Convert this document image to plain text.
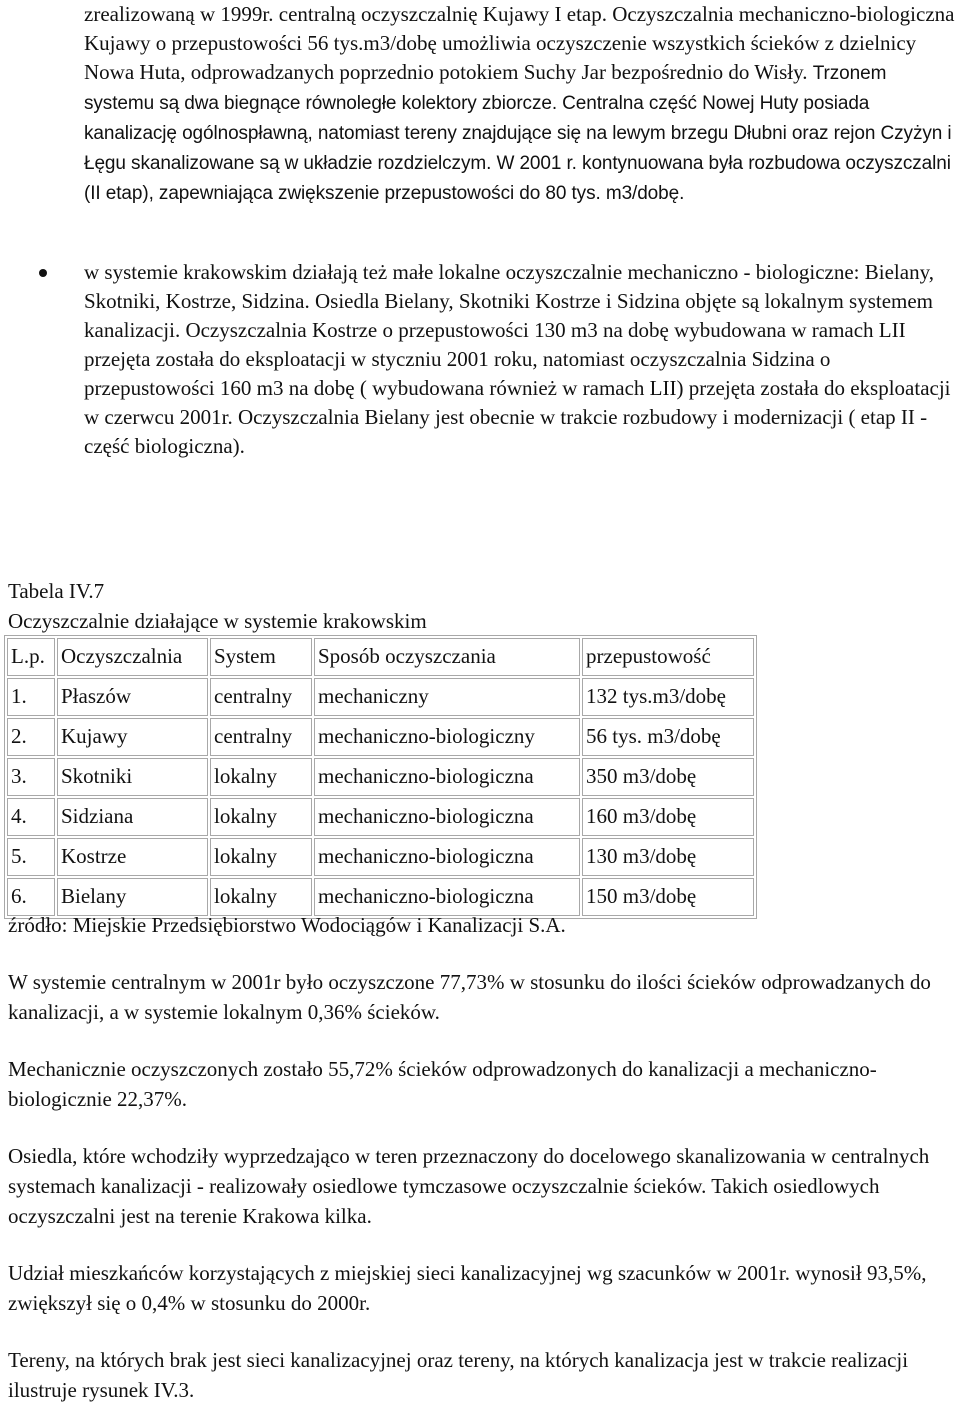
zrealizowaną w 1999r. centralną oczyszczalnię Kujawy I etap. Oczyszczalnia mechaniczno-biologiczna Kujawy o przepustowości 56 tys.m3/dobę umożliwia oczyszczenie wszystkich ścieków z dzielnicy Nowa Huta, odprowadzanych poprzednio potokiem Suchy Jar bezpośrednio do Wisły. Trzonem systemu są dwa biegnące równoległe kolektory zbiorcze. Centralna część Nowej Huty posiada kanalizację ogólnospławną, natomiast tereny znajdujące się na lewym brzegu Dłubni oraz rejon Czyżyn i Łęgu skanalizowane są w układzie rozdzielczym. W 2001 r. kontynuowana była rozbudowa oczyszczalni (II etap), zapewniająca zwiększenie przepustowości do 80 tys. m3/dobę.
w systemie krakowskim działają też małe lokalne oczyszczalnie mechaniczno - biologiczne: Bielany, Skotniki, Kostrze, Sidzina. Osiedla Bielany, Skotniki Kostrze i Sidzina objęte są lokalnym systemem kanalizacji. Oczyszczalnia Kostrze o przepustowości 130 m3 na dobę wybudowana w ramach LII przejęta została do eksploatacji w styczniu 2001 roku, natomiast oczyszczalnia Sidzina o przepustowości 160 m3 na dobę ( wybudowana również w ramach LII) przejęta została do eksploatacji w czerwcu 2001r. Oczyszczalnia Bielany jest obecnie w trakcie rozbudowy i modernizacji ( etap II - część biologiczna).
Tabela IV.7
Oczyszczalnie działające w systemie krakowskim
L.p.	Oczyszczalnia	System	Sposób oczyszczania	przepustowość
1.	Płaszów	centralny	mechaniczny	132 tys.m3/dobę
2.	Kujawy	centralny	mechaniczno-biologiczny	56 tys. m3/dobę
3.	Skotniki	lokalny	mechaniczno-biologiczna	350 m3/dobę
4.	Sidziana	lokalny	mechaniczno-biologiczna	160 m3/dobę
5.	Kostrze	lokalny	mechaniczno-biologiczna	130 m3/dobę
6.	Bielany	lokalny	mechaniczno-biologiczna	150 m3/dobę
źródło: Miejskie Przedsiębiorstwo Wodociągów i Kanalizacji S.A.
W systemie centralnym w 2001r było oczyszczone 77,73% w stosunku do ilości ścieków odprowadzanych do kanalizacji, a w systemie lokalnym 0,36% ścieków.
Mechanicznie oczyszczonych zostało 55,72% ścieków odprowadzonych do kanalizacji a mechaniczno-biologicznie 22,37%.
Osiedla, które wchodziły wyprzedzająco w teren przeznaczony do docelowego skanalizowania w centralnych systemach kanalizacji - realizowały osiedlowe tymczasowe oczyszczalnie ścieków. Takich osiedlowych oczyszczalni jest na terenie Krakowa kilka.
Udział mieszkańców korzystających z miejskiej sieci kanalizacyjnej wg szacunków w 2001r. wynosił 93,5%, zwiększył się o 0,4% w stosunku do 2000r.
Tereny, na których brak jest sieci kanalizacyjnej oraz tereny, na których kanalizacja jest w trakcie realizacji ilustruje rysunek IV.3.
